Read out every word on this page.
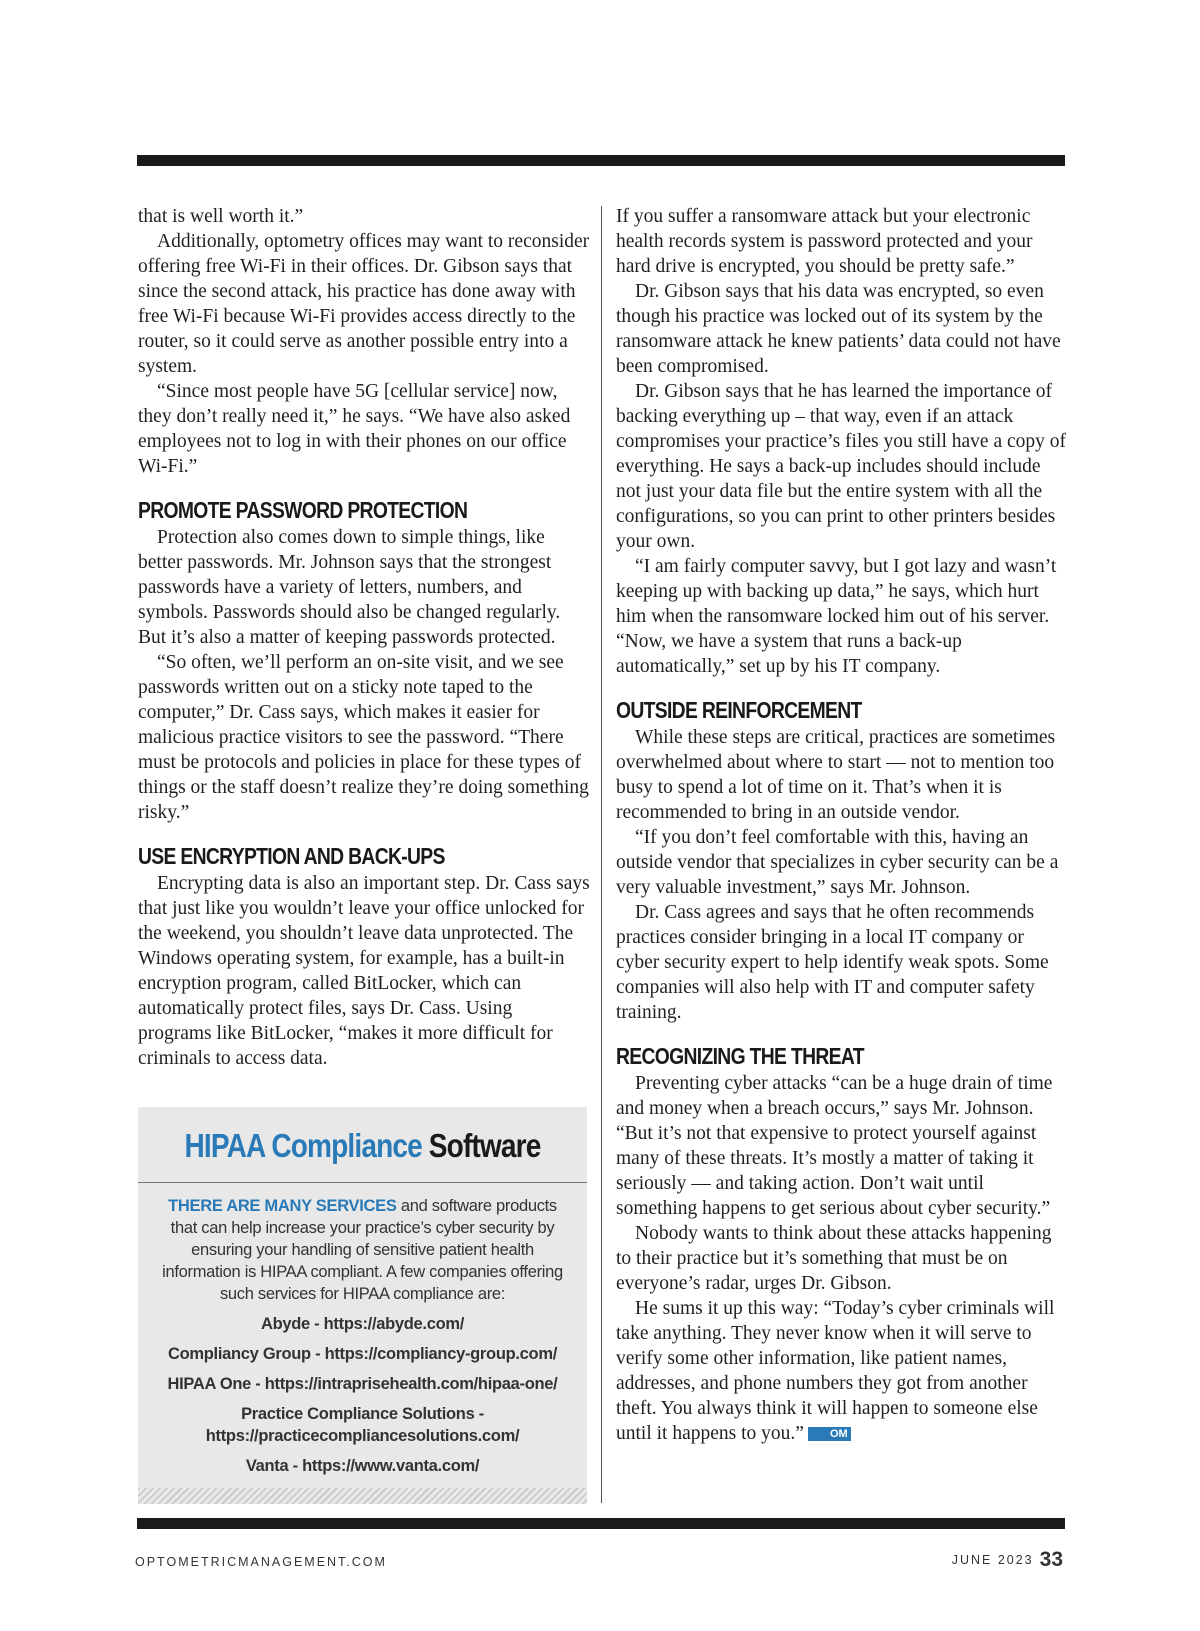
that is well worth it.”

Additionally, optometry offices may want to reconsider offering free Wi-Fi in their offices. Dr. Gibson says that since the second attack, his practice has done away with free Wi-Fi because Wi-Fi provides access directly to the router, so it could serve as another possible entry into a system.

“Since most people have 5G [cellular service] now, they don’t really need it,” he says. “We have also asked employees not to log in with their phones on our office Wi-Fi.”

PROMOTE PASSWORD PROTECTION

Protection also comes down to simple things, like better passwords. Mr. Johnson says that the strongest passwords have a variety of letters, numbers, and symbols. Passwords should also be changed regularly. But it’s also a matter of keeping passwords protected.

“So often, we’ll perform an on-site visit, and we see passwords written out on a sticky note taped to the computer,” Dr. Cass says, which makes it easier for malicious practice visitors to see the password. “There must be protocols and policies in place for these types of things or the staff doesn’t realize they’re doing something risky.”

USE ENCRYPTION AND BACK-UPS

Encrypting data is also an important step. Dr. Cass says that just like you wouldn’t leave your office unlocked for the weekend, you shouldn’t leave data unprotected. The Windows operating system, for example, has a built-in encryption program, called BitLocker, which can automatically protect files, says Dr. Cass. Using programs like BitLocker, “makes it more difficult for criminals to access data.

If you suffer a ransomware attack but your electronic health records system is password protected and your hard drive is encrypted, you should be pretty safe.”

Dr. Gibson says that his data was encrypted, so even though his practice was locked out of its system by the ransomware attack he knew patients’ data could not have been compromised.

Dr. Gibson says that he has learned the importance of backing everything up – that way, even if an attack compromises your practice’s files you still have a copy of everything. He says a back-up includes should include not just your data file but the entire system with all the configurations, so you can print to other printers besides your own.

“I am fairly computer savvy, but I got lazy and wasn’t keeping up with backing up data,” he says, which hurt him when the ransomware locked him out of his server. “Now, we have a system that runs a back-up automatically,” set up by his IT company.

OUTSIDE REINFORCEMENT

While these steps are critical, practices are sometimes overwhelmed about where to start — not to mention too busy to spend a lot of time on it. That’s when it is recommended to bring in an outside vendor.

“If you don’t feel comfortable with this, having an outside vendor that specializes in cyber security can be a very valuable investment,” says Mr. Johnson.

Dr. Cass agrees and says that he often recommends practices consider bringing in a local IT company or cyber security expert to help identify weak spots. Some companies will also help with IT and computer safety training.

RECOGNIZING THE THREAT

Preventing cyber attacks “can be a huge drain of time and money when a breach occurs,” says Mr. Johnson. “But it’s not that expensive to protect yourself against many of these threats. It’s mostly a matter of taking it seriously — and taking action. Don’t wait until something happens to get serious about cyber security.”

Nobody wants to think about these attacks happening to their practice but it’s something that must be on everyone’s radar, urges Dr. Gibson.

He sums it up this way: “Today’s cyber criminals will take anything. They never know when it will serve to verify some other information, like patient names, addresses, and phone numbers they got from another theft. You always think it will happen to someone else until it happens to you.” OM

HIPAA Compliance Software
THERE ARE MANY SERVICES and software products that can help increase your practice’s cyber security by ensuring your handling of sensitive patient health information is HIPAA compliant. A few companies offering such services for HIPAA compliance are:
Abyde - https://abyde.com/
Compliancy Group - https://compliancy-group.com/
HIPAA One - https://intraprisehealth.com/hipaa-one/
Practice Compliance Solutions - https://practicecompliancesolutions.com/
Vanta - https://www.vanta.com/
OPTOMETRICMANAGEMENT.COM	JUNE 2023 33
